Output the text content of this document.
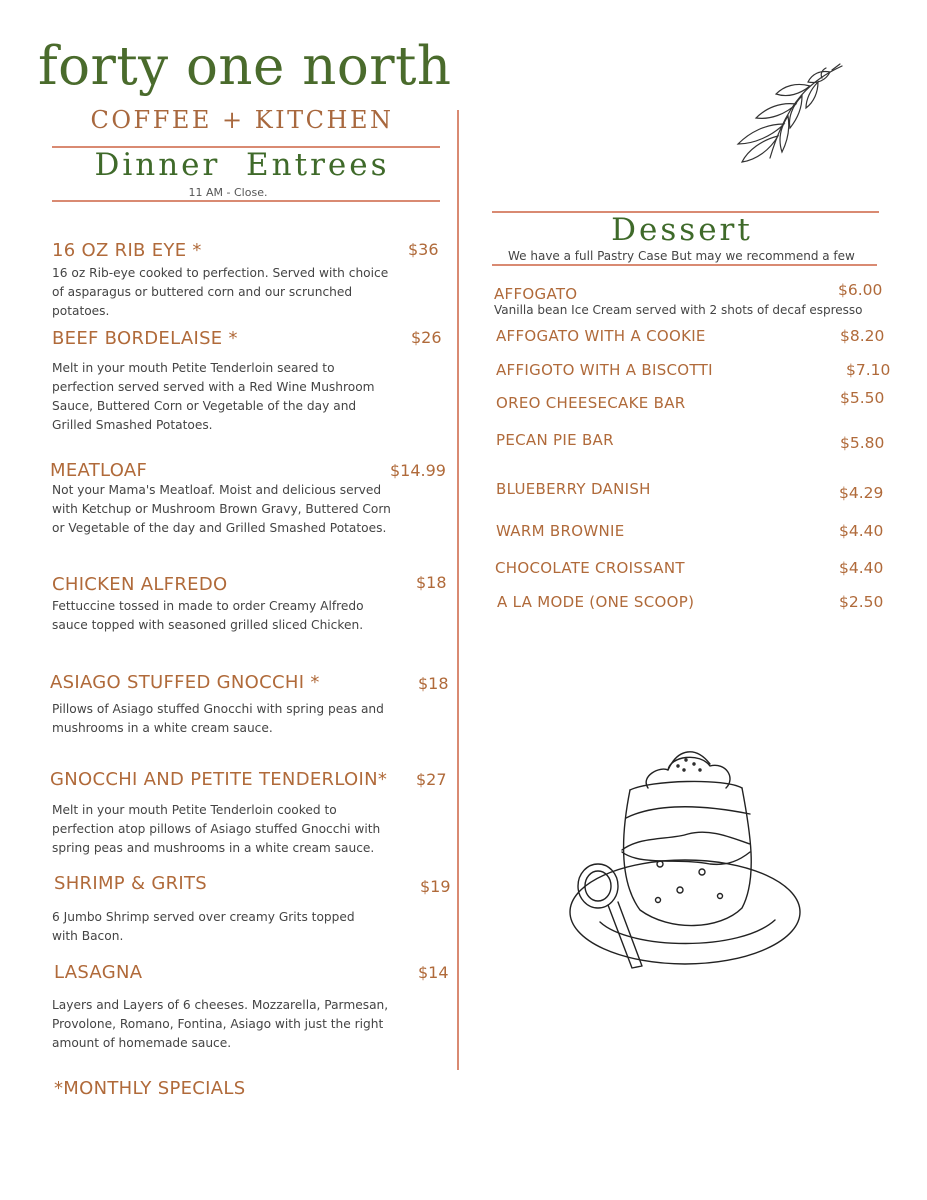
forty one north
COFFEE + KITCHEN
Dinner  Entrees
11 AM - Close.
16 OZ RIB EYE *	$36
16 oz Rib-eye cooked to perfection. Served with choice of asparagus or buttered corn and our scrunched potatoes.
BEEF BORDELAISE *	$26
Melt in your mouth Petite Tenderloin seared to perfection served served with a Red Wine Mushroom Sauce, Buttered Corn or Vegetable of the day and Grilled Smashed Potatoes.
MEATLOAF	$14.99
Not your Mama's Meatloaf. Moist and delicious served with Ketchup or Mushroom Brown Gravy, Buttered Corn or Vegetable of the day and Grilled Smashed Potatoes.
CHICKEN ALFREDO	$18
Fettuccine tossed in made to order Creamy Alfredo sauce topped with seasoned grilled sliced Chicken.
ASIAGO STUFFED GNOCCHI *	$18
Pillows of Asiago stuffed Gnocchi with spring peas and mushrooms in a white cream sauce.
GNOCCHI AND PETITE TENDERLOIN* $27
Melt in your mouth Petite Tenderloin cooked to perfection atop pillows of Asiago stuffed Gnocchi with spring peas and mushrooms in a white cream sauce.
SHRIMP & GRITS	$19
6 Jumbo Shrimp served over creamy Grits topped with Bacon.
LASAGNA	$14
Layers and Layers of 6 cheeses. Mozzarella, Parmesan, Provolone, Romano, Fontina, Asiago with just the right amount of homemade sauce.
*MONTHLY SPECIALS
Dessert
We have a full Pastry Case But may we recommend a few
AFFOGATO	$6.00
Vanilla bean Ice Cream served with 2 shots of decaf espresso
AFFOGATO WITH A COOKIE	$8.20
AFFIGOTO WITH A BISCOTTI	$7.10
OREO CHEESECAKE BAR	$5.50
PECAN PIE BAR	$5.80
BLUEBERRY DANISH	$4.29
WARM BROWNIE	$4.40
CHOCOLATE CROISSANT	$4.40
A LA MODE (ONE SCOOP)	$2.50
